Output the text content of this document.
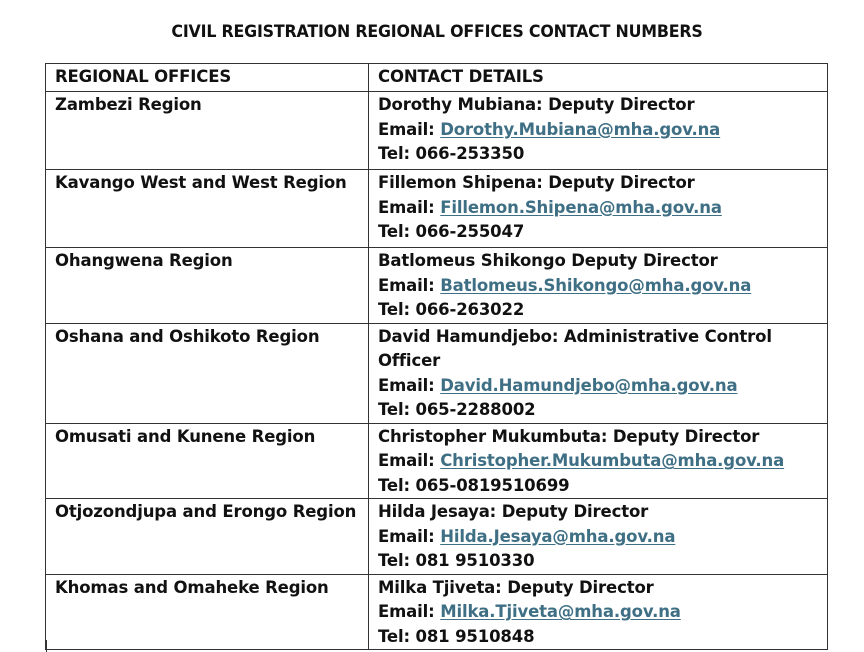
CIVIL REGISTRATION REGIONAL OFFICES CONTACT NUMBERS
REGIONAL OFFICES	CONTACT DETAILS
Zambezi Region	Dorothy Mubiana: Deputy Director
Email: Dorothy.Mubiana@mha.gov.na
Tel: 066-253350

Kavango West and West Region	Fillemon Shipena: Deputy Director
Email: Fillemon.Shipena@mha.gov.na
Tel: 066-255047

Ohangwena Region	Batlomeus Shikongo Deputy Director
Email: Batlomeus.Shikongo@mha.gov.na
Tel: 066-263022

Oshana and Oshikoto Region	David Hamundjebo: Administrative Control Officer
Email: David.Hamundjebo@mha.gov.na
Tel: 065-2288002

Omusati and Kunene Region	Christopher Mukumbuta: Deputy Director
Email: Christopher.Mukumbuta@mha.gov.na
Tel: 065-0819510699

Otjozondjupa and Erongo Region	Hilda Jesaya: Deputy Director
Email: Hilda.Jesaya@mha.gov.na
Tel: 081 9510330

Khomas and Omaheke Region	Milka Tjiveta: Deputy Director
Email: Milka.Tjiveta@mha.gov.na
Tel: 081 9510848
